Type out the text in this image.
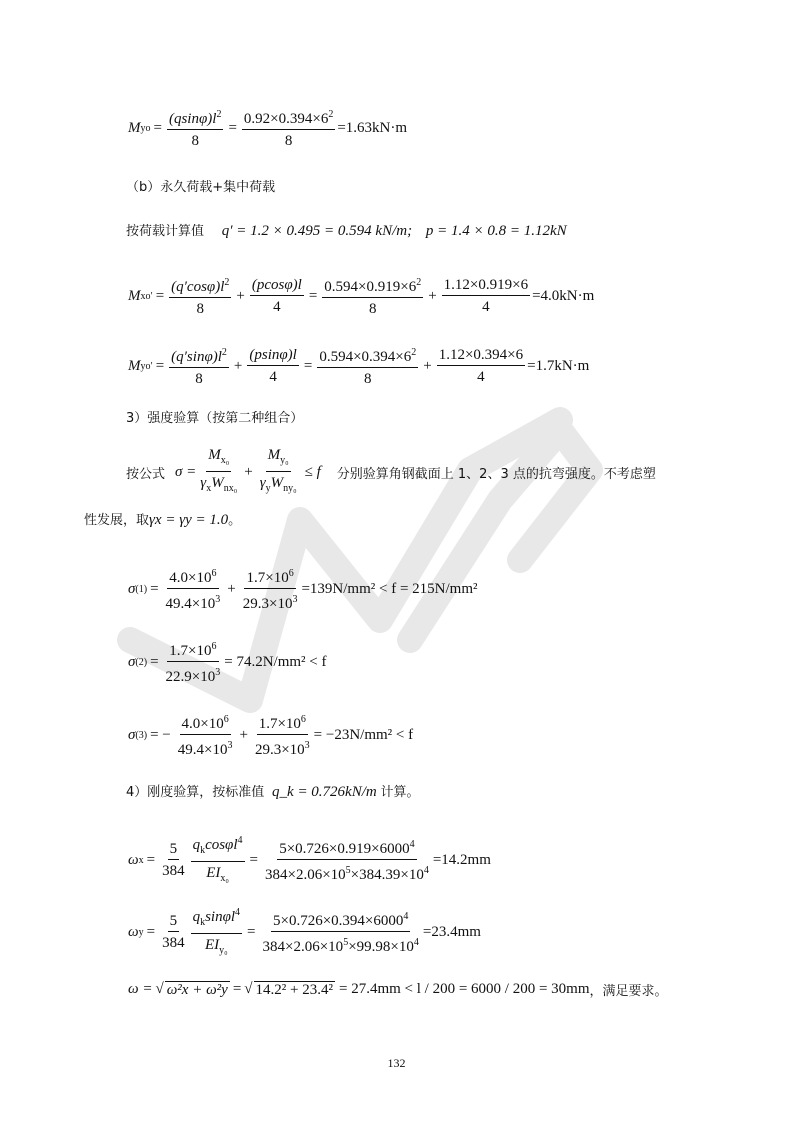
M yo = $\frac{(qsin\varphi)l^2}{8} = \frac{0.92\times 0.394\times 6^2}{8} =1.63kN\cdot m$
（b）永久荷载+集中荷载
按荷载计算值 q′ = 1.2 × 0.495 = 0.594 kN/m; p = 1.4 × 0.8 = 1.12kN
M xo ′ = $\frac{(q'\cos\varphi)l^2}{8} + \frac{(pcos\varphi)l}{4} = \frac{0.594\times 0.919\times 6^2}{8} + \frac{1.12\times 0.919\times 6}{4} =4.0kN\cdot m$
M yo ′ = $\frac{(q'\sin\varphi)l^2}{8} + \frac{(psin\varphi)l}{4} = \frac{0.594\times 0.394\times 6^2}{8} + \frac{1.12\times 0.394\times 6}{4} =1.7kN\cdot m$
3）强度验算（按第二种组合）
按公式 $\sigma = \frac{M_{x_0}}{\gamma_xW_{nx_0}} + \frac{M_{y_0}}{\gamma_yW_{ny_0}} \le f$ 分别验算角钢截面上 1、2、3 点的抗弯强度。不考虑塑
性发展，取γx = γy = 1.0。
σ $(1) = \frac{4.0\times 10^6}{49.4\times 10^3} + \frac{1.7\times 10^6}{29.3\times 10^3} =139N/mm^2 < f = 215N/mm^2$
σ $(2) = \frac{1.7\times 10^6}{22.9\times 10^3} = 74.2N/mm^2 < f$
σ (3) = − $\frac{4.0\times 10^6}{49.4\times 10^3} + \frac{1.7\times 10^6}{29.3\times 10^3} = -23N/mm^2 < f$
4）刚度验算，按标准值 q_k = 0.726kN/m 计算。
ω $x = \frac{5}{384} \frac{q_k\cos\varphi l^4}{EI_{x_0}} = \frac{5\times 0.726\times 0.919\times 6000^4}{384\times 2.06\times 10^5\times 384.39\times 10^4} =14.2mm$
ω $y = \frac{5}{384} \frac{q_k\sin\varphi l^4}{EI_{y_0}} = \frac{5\times 0.726\times 0.394\times 6000^4}{384\times 2.06\times 10^5\times 99.98\times 10^4} =23.4mm$
ω = √ ω²x + ω²y = √ 14.2² + 23.4² = 27.4mm < l / 200 = 6000 / 200 = 30mm ，满足要求。
132
